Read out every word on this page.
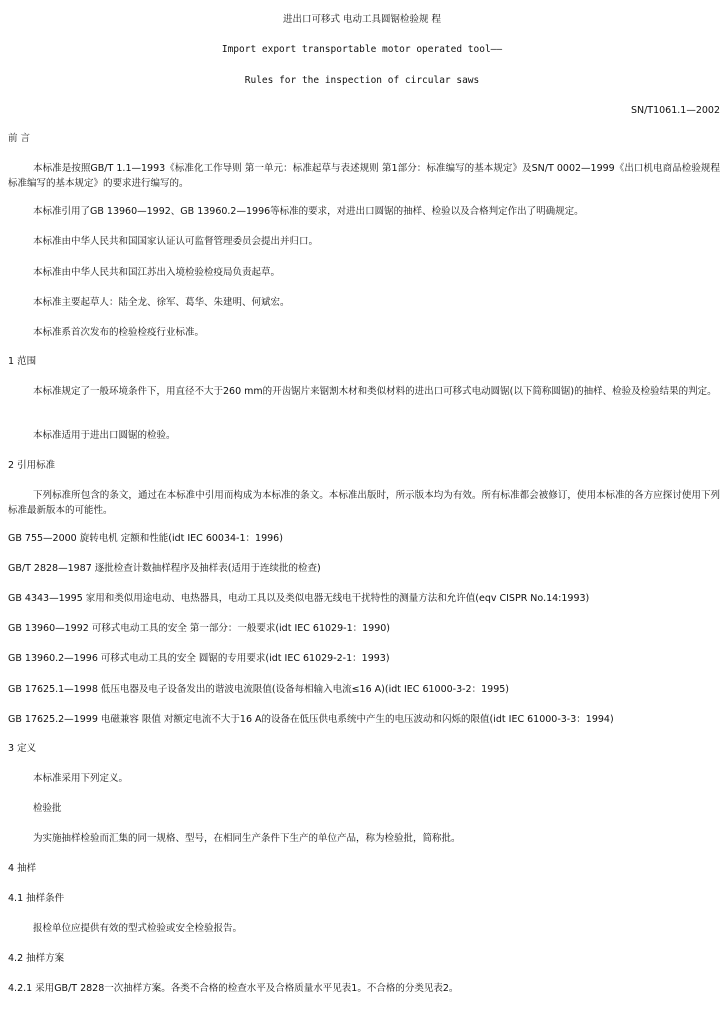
进出口可移式 电动工具圆锯检验规 程
Import export transportable motor operated tool——
Rules for the inspection of circular saws
SN/T1061.1—2002
前 言
本标准是按照GB/T 1.1—1993《标准化工作导则 第一单元：标准起草与表述规则 第1部分：标准编写的基本规定》及SN/T 0002—1999《出口机电商品检验规程标准编写的基本规定》的要求进行编写的。
本标准引用了GB 13960—1992、GB 13960.2—1996等标准的要求，对进出口圆锯的抽样、检验以及合格判定作出了明确规定。
本标准由中华人民共和国国家认证认可监督管理委员会提出并归口。
本标准由中华人民共和国江苏出入境检验检疫局负责起草。
本标准主要起草人：陆全龙、徐军、葛华、朱建明、何斌宏。
本标准系首次发布的检验检疫行业标准。
1 范围
本标准规定了一般环境条件下，用直径不大于260 mm的开齿锯片来锯割木材和类似材料的进出口可移式电动圆锯(以下简称圆锯)的抽样、检验及检验结果的判定。
本标准适用于进出口圆锯的检验。
2 引用标准
下列标准所包含的条文，通过在本标准中引用而构成为本标准的条文。本标准出版时，所示版本均为有效。所有标准都会被修订，使用本标准的各方应探讨使用下列标准最新版本的可能性。
GB 755—2000 旋转电机 定额和性能(idt IEC 60034-1：1996)
GB/T 2828—1987 逐批检查计数抽样程序及抽样表(适用于连续批的检查)
GB 4343—1995 家用和类似用途电动、电热器具，电动工具以及类似电器无线电干扰特性的测量方法和允许值(eqv CISPR No.14:1993)
GB 13960—1992 可移式电动工具的安全 第一部分：一般要求(idt IEC 61029-1：1990)
GB 13960.2—1996 可移式电动工具的安全 圆锯的专用要求(idt IEC 61029-2-1：1993)
GB 17625.1—1998 低压电器及电子设备发出的谐波电流限值(设备每相输入电流≤16 A)(idt IEC 61000-3-2：1995)
GB 17625.2—1999 电磁兼容 限值 对额定电流不大于16 A的设备在低压供电系统中产生的电压波动和闪烁的限值(idt IEC 61000-3-3：1994)
3 定义
本标准采用下列定义。
检验批
为实施抽样检验而汇集的同一规格、型号，在相同生产条件下生产的单位产品，称为检验批，简称批。
4 抽样
4.1 抽样条件
报检单位应提供有效的型式检验或安全检验报告。
4.2 抽样方案
4.2.1 采用GB/T 2828一次抽样方案。各类不合格的检查水平及合格质量水平见表1。不合格的分类见表2。
